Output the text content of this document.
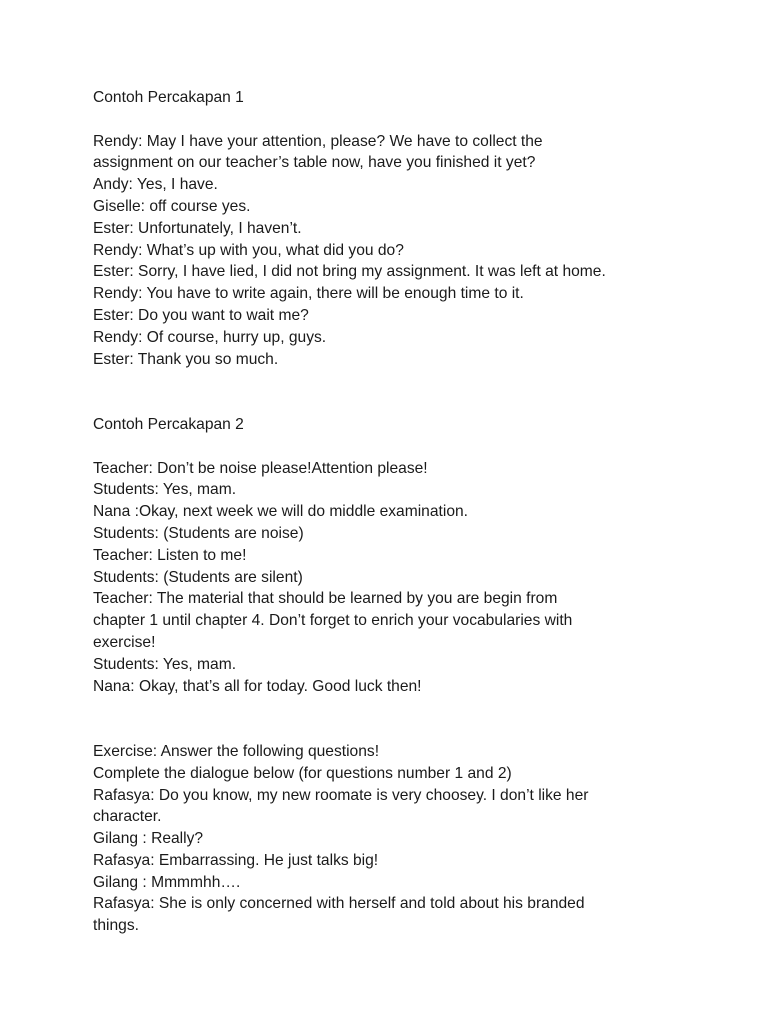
Contoh Percakapan 1
Rendy: May I have your attention, please? We have to collect the
assignment on our teacher’s table now, have you finished it yet?
Andy: Yes, I have.
Giselle: off course yes.
Ester: Unfortunately, I haven’t.
Rendy: What’s up with you, what did you do?
Ester: Sorry, I have lied, I did not bring my assignment. It was left at home.
Rendy: You have to write again, there will be enough time to it.
Ester: Do you want to wait me?
Rendy: Of course, hurry up, guys.
Ester: Thank you so much.
Contoh Percakapan 2
Teacher: Don’t be noise please!Attention please!
Students: Yes, mam.
Nana :Okay, next week we will do middle examination.
Students: (Students are noise)
Teacher: Listen to me!
Students: (Students are silent)
Teacher: The material that should be learned by you are begin from
chapter 1 until chapter 4. Don’t forget to enrich your vocabularies with
exercise!
Students: Yes, mam.
Nana: Okay, that’s all for today. Good luck then!
Exercise: Answer the following questions!
Complete the dialogue below (for questions number 1 and 2)
Rafasya: Do you know, my new roomate is very choosey. I don’t like her
character.
Gilang : Really?
Rafasya: Embarrassing. He just talks big!
Gilang : Mmmmhh….
Rafasya: She is only concerned with herself and told about his branded
things.
